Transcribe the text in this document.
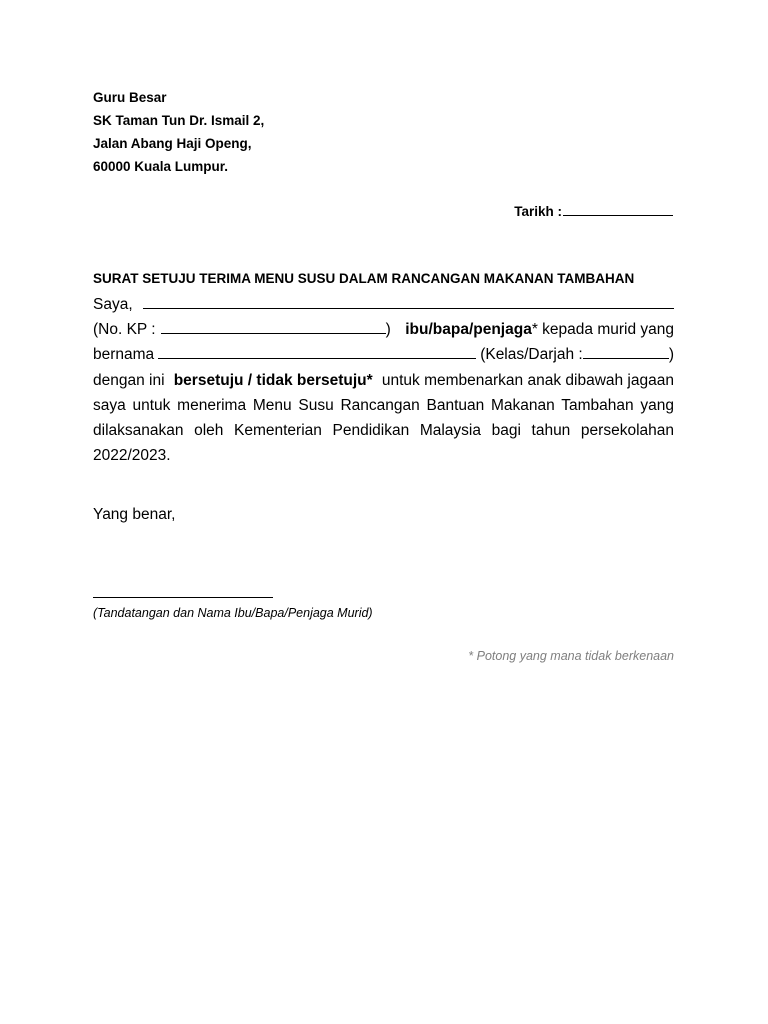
Guru Besar
SK Taman Tun Dr. Ismail 2,
Jalan Abang Haji Openg,
60000 Kuala Lumpur.
Tarikh :
SURAT SETUJU TERIMA MENU SUSU DALAM RANCANGAN MAKANAN TAMBAHAN
Saya,
(No. KP :	) ibu/bapa/penjaga * kepada murid yang
bernama	(Kelas/Darjah :	)
dengan ini bersetuju / tidak bersetuju* untuk membenarkan anak dibawah jagaan
saya untuk menerima Menu Susu Rancangan Bantuan Makanan Tambahan yang
dilaksanakan oleh Kementerian Pendidikan Malaysia bagi tahun persekolahan
2022/2023.
Yang benar,
(Tandatangan dan Nama Ibu/Bapa/Penjaga Murid)
* Potong yang mana tidak berkenaan
